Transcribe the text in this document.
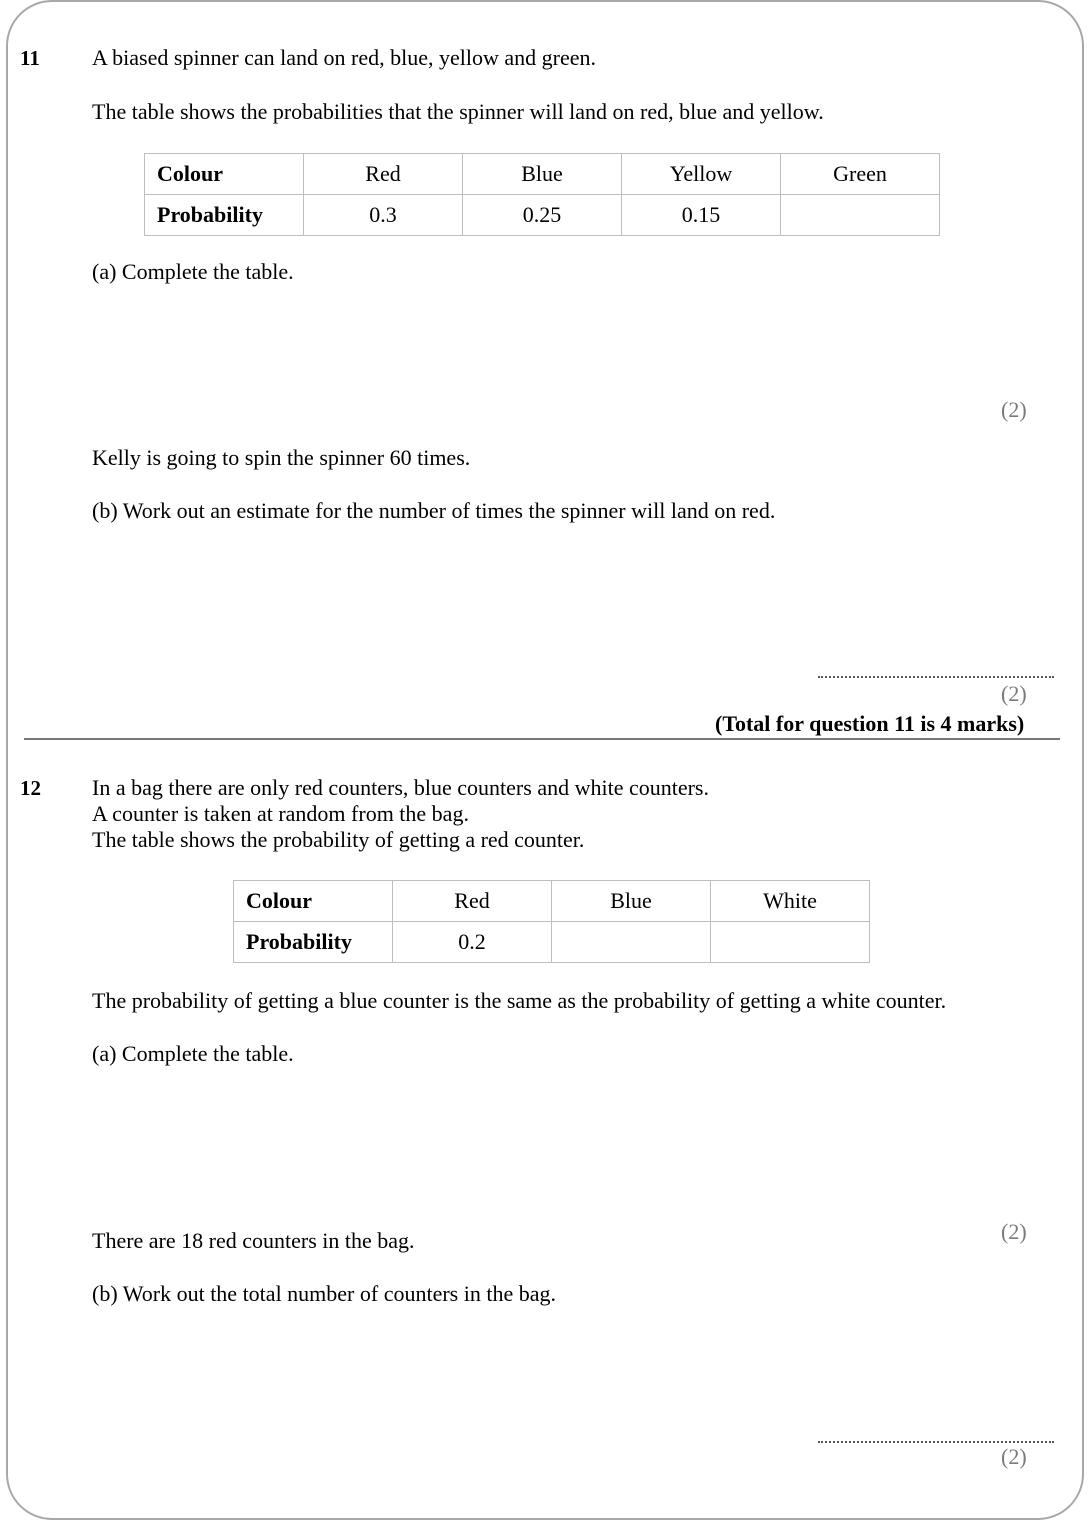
11 A biased spinner can land on red, blue, yellow and green.
The table shows the probabilities that the spinner will land on red, blue and yellow.
Colour	Red	Blue	Yellow	Green
Probability	0.3	0.25	0.15	
(a) Complete the table.
(2)
Kelly is going to spin the spinner 60 times.
(b) Work out an estimate for the number of times the spinner will land on red.
(2)
(Total for question 11 is 4 marks)
12 In a bag there are only red counters, blue counters and white counters.
A counter is taken at random from the bag.
The table shows the probability of getting a red counter.
Colour	Red	Blue	White
Probability	0.2		
The probability of getting a blue counter is the same as the probability of getting a white counter.
(a) Complete the table.
(2)
There are 18 red counters in the bag.
(b) Work out the total number of counters in the bag.
(2)
